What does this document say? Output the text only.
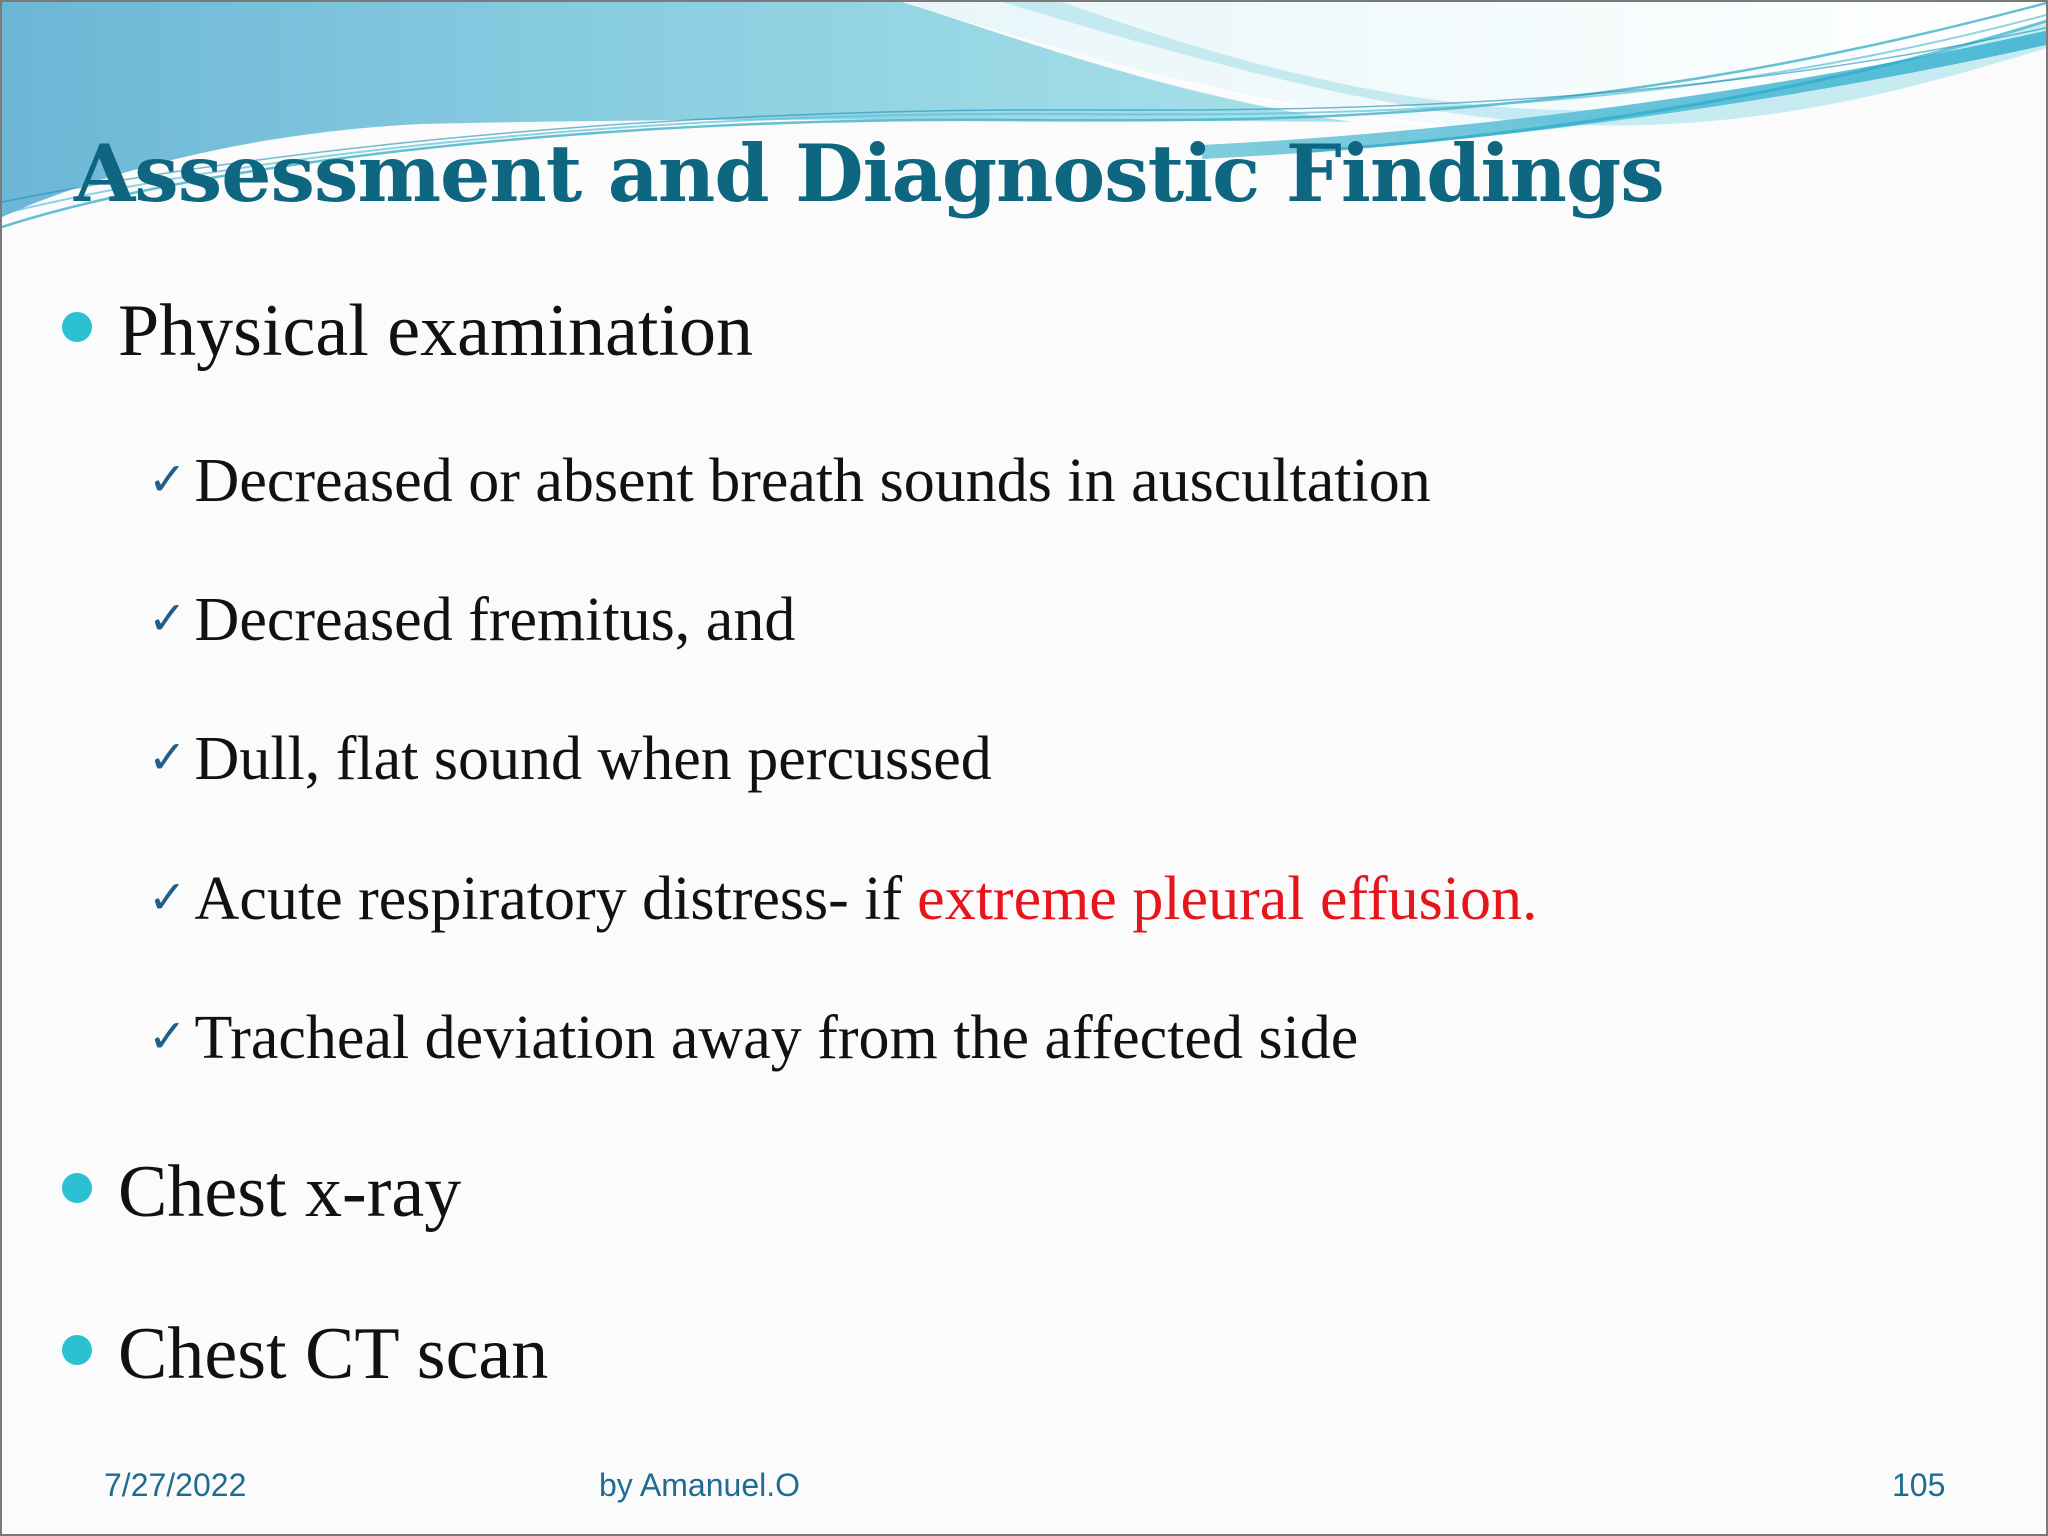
Assessment and Diagnostic Findings
Physical examination
✓ Decreased or absent breath sounds in auscultation
✓ Decreased fremitus, and
✓ Dull, flat sound when percussed
✓ Acute respiratory distress- if extreme pleural effusion.
✓ Tracheal deviation away from the affected side
Chest x-ray
Chest CT scan
7/27/2022	by Amanuel.O	105
